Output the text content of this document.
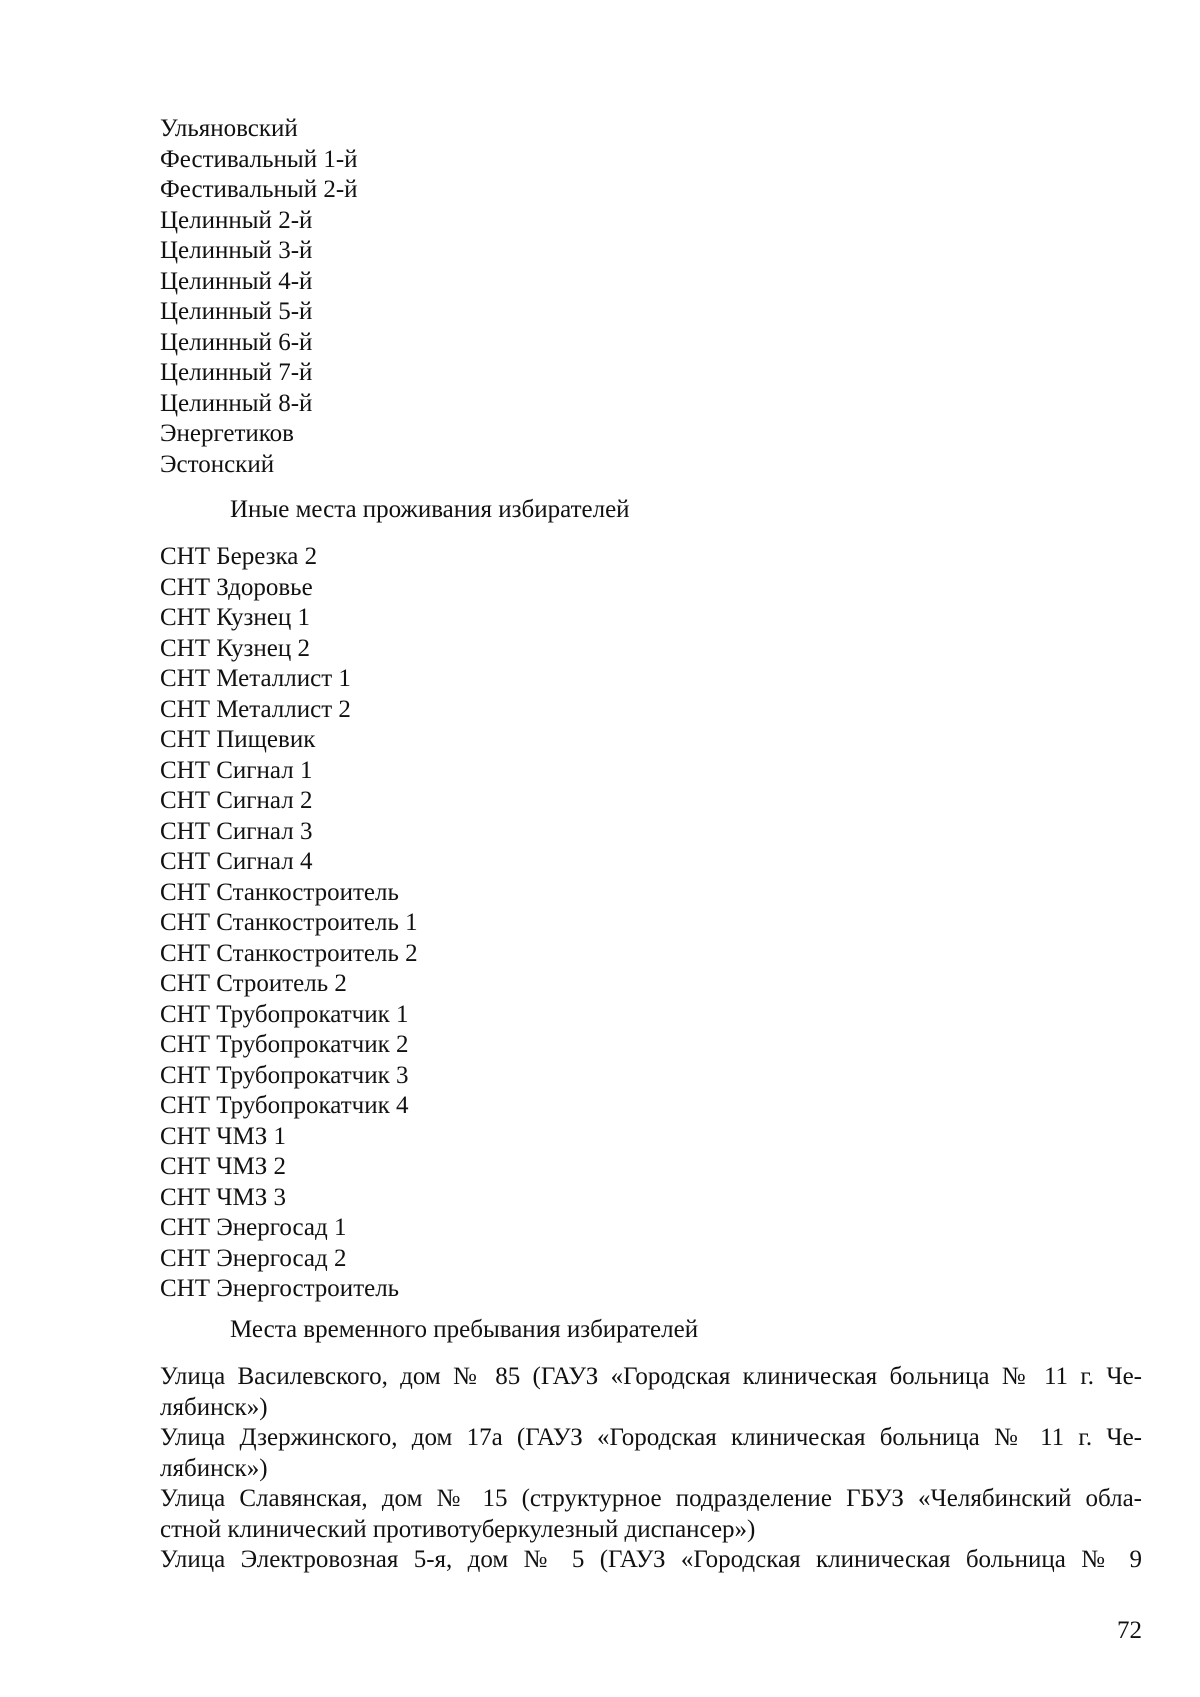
Ульяновский
Фестивальный 1-й
Фестивальный 2-й
Целинный 2-й
Целинный 3-й
Целинный 4-й
Целинный 5-й
Целинный 6-й
Целинный 7-й
Целинный 8-й
Энергетиков
Эстонский
Иные места проживания избирателей
СНТ Березка 2
СНТ Здоровье
СНТ Кузнец 1
СНТ Кузнец 2
СНТ Металлист 1
СНТ Металлист 2
СНТ Пищевик
СНТ Сигнал 1
СНТ Сигнал 2
СНТ Сигнал 3
СНТ Сигнал 4
СНТ Станкостроитель
СНТ Станкостроитель 1
СНТ Станкостроитель 2
СНТ Строитель 2
СНТ Трубопрокатчик 1
СНТ Трубопрокатчик 2
СНТ Трубопрокатчик 3
СНТ Трубопрокатчик 4
СНТ ЧМЗ 1
СНТ ЧМЗ 2
СНТ ЧМЗ 3
СНТ Энергосад 1
СНТ Энергосад 2
СНТ Энергостроитель
Места временного пребывания избирателей
Улица Василевского, дом № 85 (ГАУЗ «Городская клиническая больница № 11 г. Че-
лябинск»)
Улица Дзержинского, дом 17а (ГАУЗ «Городская клиническая больница № 11 г. Че-
лябинск»)
Улица Славянская, дом № 15 (структурное подразделение ГБУЗ «Челябинский обла-
стной клинический противотуберкулезный диспансер»)
Улица Электровозная 5-я, дом № 5 (ГАУЗ «Городская клиническая больница № 9
72
